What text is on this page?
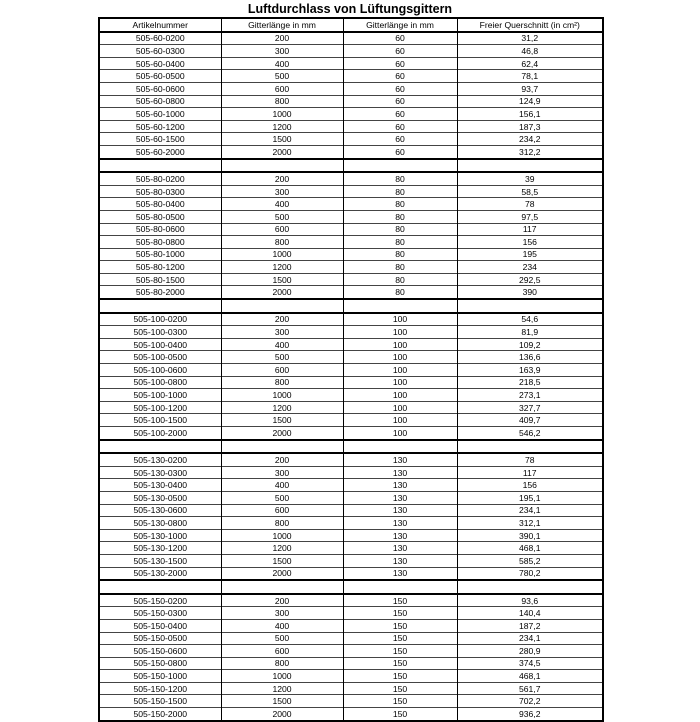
Luftdurchlass von Lüftungsgittern
Artikelnummer	Gitterlänge in mm	Gitterlänge in mm	Freier Querschnitt (in cm²)
505-60-0200	200	60	31,2
505-60-0300	300	60	46,8
505-60-0400	400	60	62,4
505-60-0500	500	60	78,1
505-60-0600	600	60	93,7
505-60-0800	800	60	124,9
505-60-1000	1000	60	156,1
505-60-1200	1200	60	187,3
505-60-1500	1500	60	234,2
505-60-2000	2000	60	312,2

505-80-0200	200	80	39
505-80-0300	300	80	58,5
505-80-0400	400	80	78
505-80-0500	500	80	97,5
505-80-0600	600	80	117
505-80-0800	800	80	156
505-80-1000	1000	80	195
505-80-1200	1200	80	234
505-80-1500	1500	80	292,5
505-80-2000	2000	80	390

505-100-0200	200	100	54,6
505-100-0300	300	100	81,9
505-100-0400	400	100	109,2
505-100-0500	500	100	136,6
505-100-0600	600	100	163,9
505-100-0800	800	100	218,5
505-100-1000	1000	100	273,1
505-100-1200	1200	100	327,7
505-100-1500	1500	100	409,7
505-100-2000	2000	100	546,2

505-130-0200	200	130	78
505-130-0300	300	130	117
505-130-0400	400	130	156
505-130-0500	500	130	195,1
505-130-0600	600	130	234,1
505-130-0800	800	130	312,1
505-130-1000	1000	130	390,1
505-130-1200	1200	130	468,1
505-130-1500	1500	130	585,2
505-130-2000	2000	130	780,2

505-150-0200	200	150	93,6
505-150-0300	300	150	140,4
505-150-0400	400	150	187,2
505-150-0500	500	150	234,1
505-150-0600	600	150	280,9
505-150-0800	800	150	374,5
505-150-1000	1000	150	468,1
505-150-1200	1200	150	561,7
505-150-1500	1500	150	702,2
505-150-2000	2000	150	936,2
